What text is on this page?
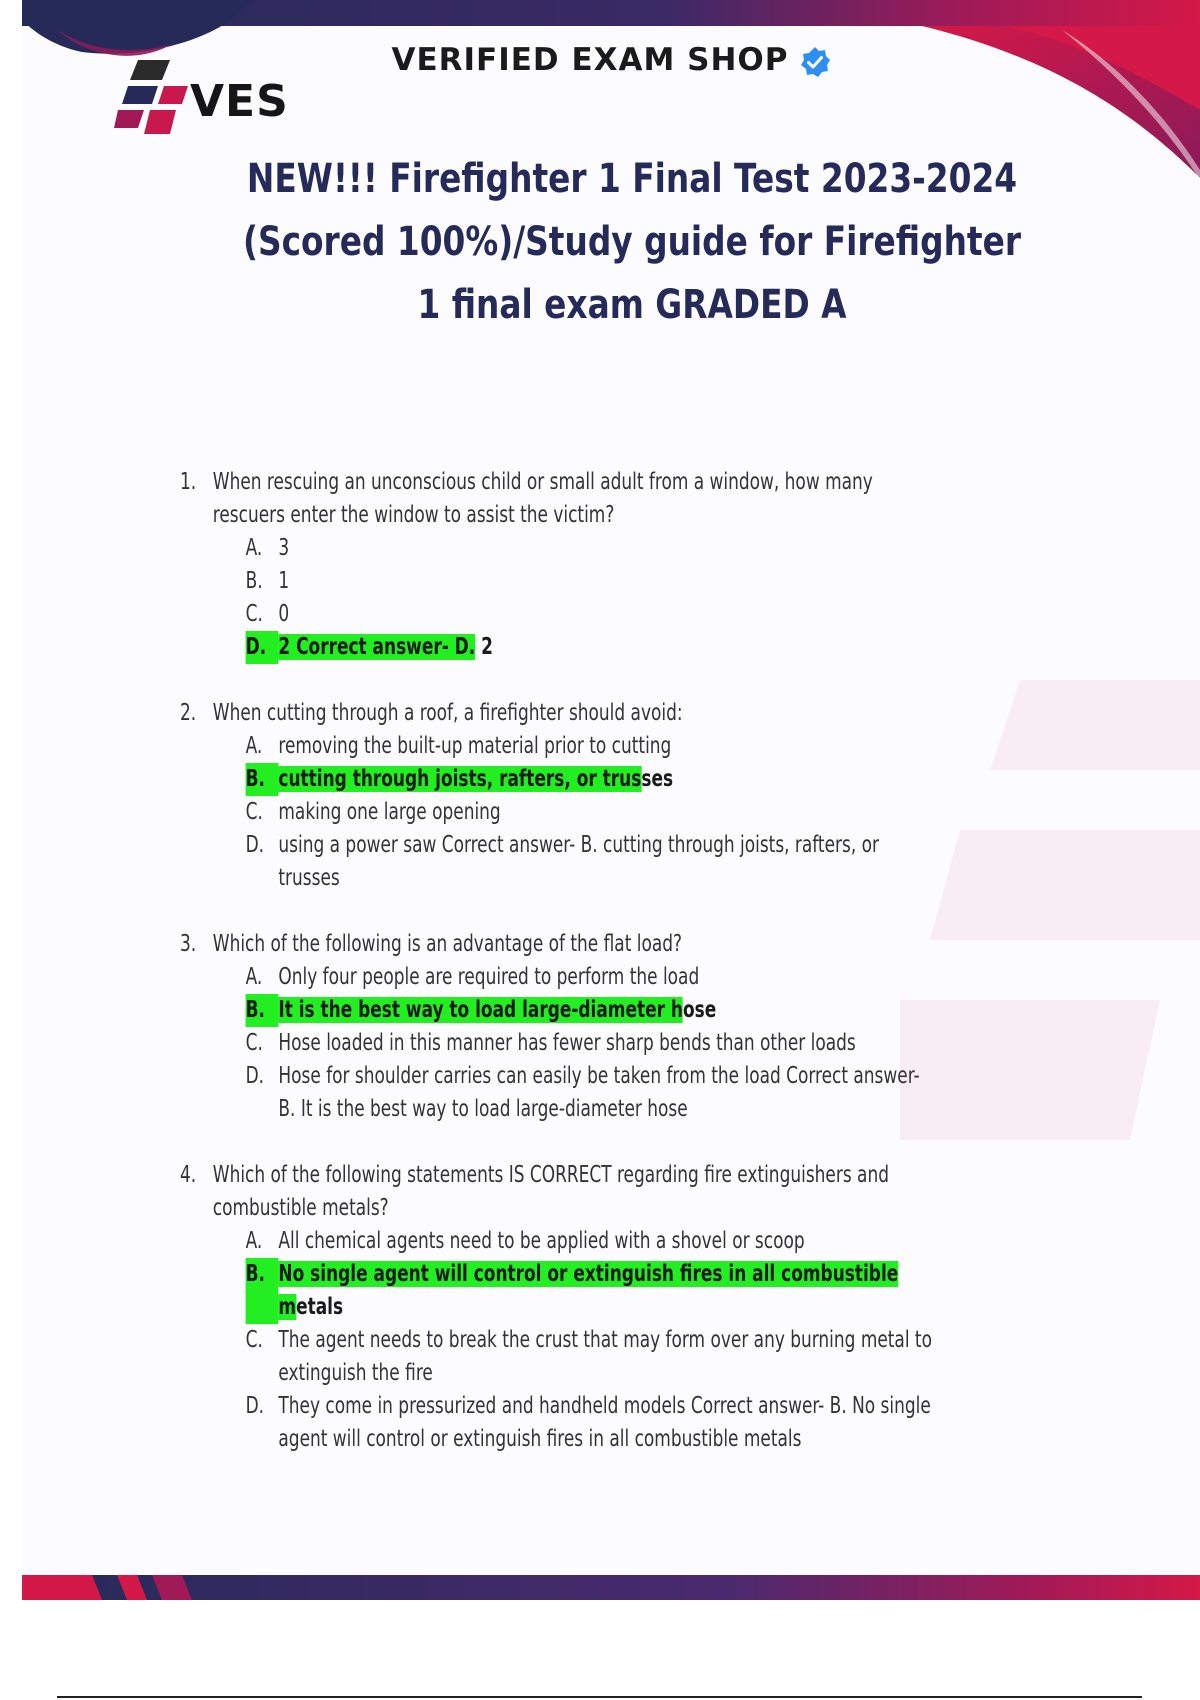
VERIFIED EXAM SHOP
VES
NEW!!! Firefighter 1 Final Test 2023-2024 (Scored 100%)/Study guide for Firefighter 1 final exam GRADED A
1. When rescuing an unconscious child or small adult from a window, how many rescuers enter the window to assist the victim?
A. 3
B. 1
C. 0
D. 2 Correct answer- D. 2
2. When cutting through a roof, a firefighter should avoid:
A. removing the built-up material prior to cutting
B. cutting through joists, rafters, or trusses
C. making one large opening
D. using a power saw Correct answer- B. cutting through joists, rafters, or trusses
3. Which of the following is an advantage of the flat load?
A. Only four people are required to perform the load
B. It is the best way to load large-diameter hose
C. Hose loaded in this manner has fewer sharp bends than other loads
D. Hose for shoulder carries can easily be taken from the load Correct answer- B. It is the best way to load large-diameter hose
4. Which of the following statements IS CORRECT regarding fire extinguishers and combustible metals?
A. All chemical agents need to be applied with a shovel or scoop
B. No single agent will control or extinguish fires in all combustible metals
C. The agent needs to break the crust that may form over any burning metal to extinguish the fire
D. They come in pressurized and handheld models Correct answer- B. No single agent will control or extinguish fires in all combustible metals
